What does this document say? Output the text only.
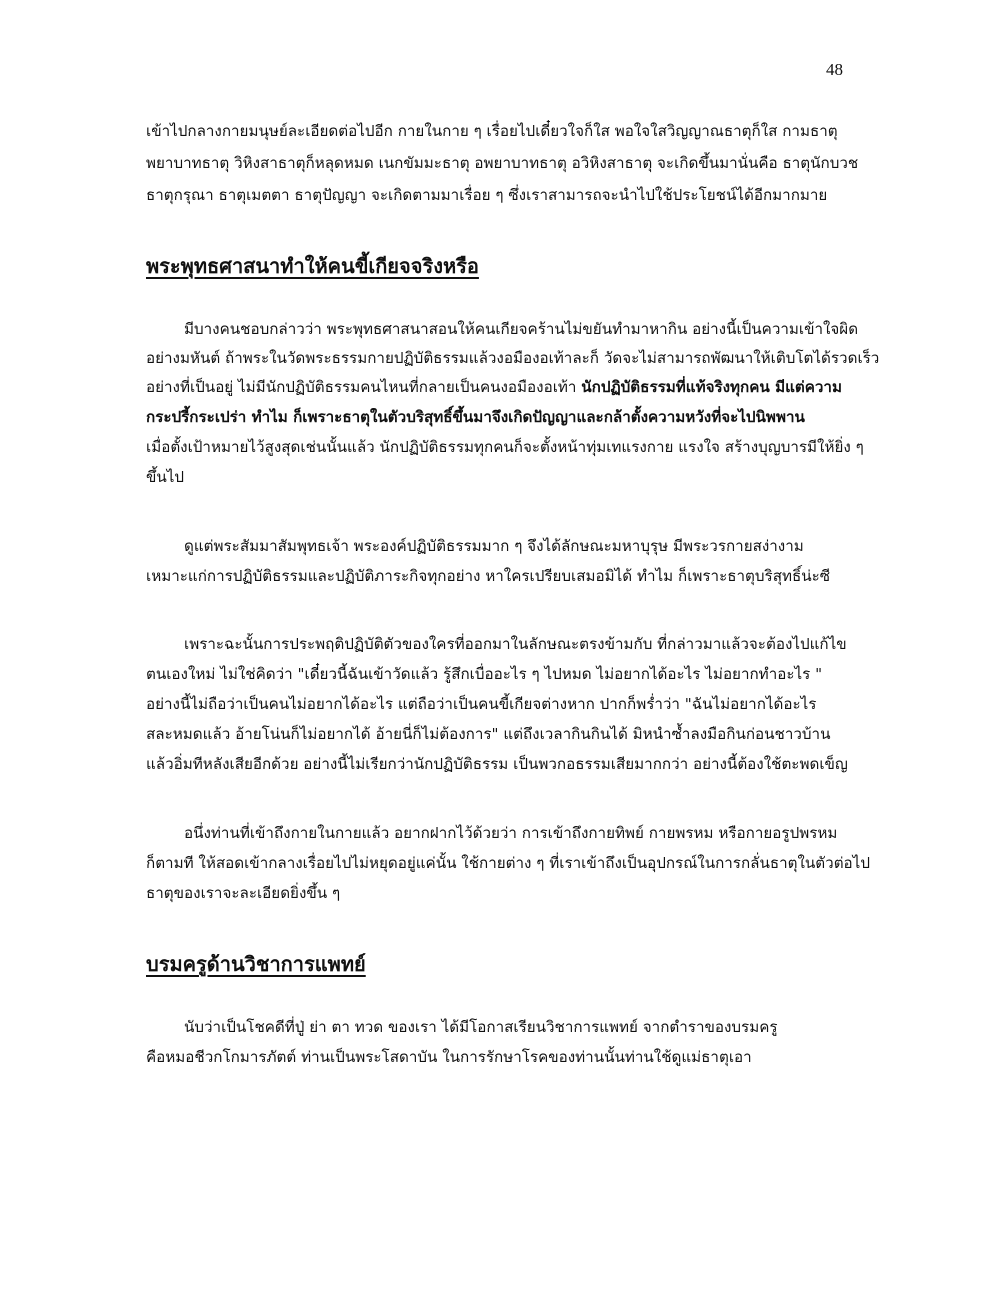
48
เข้าไปกลางกายมนุษย์ละเอียดต่อไปอีก กายในกาย ๆ เรื่อยไปเดี๋ยวใจก็ใส พอใจใสวิญญาณธาตุก็ใส กามธาตุ
พยาบาทธาตุ วิหิงสาธาตุก็หลุดหมด เนกขัมมะธาตุ อพยาบาทธาตุ อวิหิงสาธาตุ จะเกิดขึ้นมานั่นคือ ธาตุนักบวช
ธาตุกรุณา ธาตุเมตตา ธาตุปัญญา จะเกิดตามมาเรื่อย ๆ ซึ่งเราสามารถจะนำไปใช้ประโยชน์ได้อีกมากมาย
พระพุทธศาสนาทำให้คนขี้เกียจจริงหรือ
มีบางคนชอบกล่าวว่า พระพุทธศาสนาสอนให้คนเกียจคร้านไม่ขยันทำมาหากิน อย่างนี้เป็นความเข้าใจผิด
อย่างมหันต์ ถ้าพระในวัดพระธรรมกายปฏิบัติธรรมแล้วงอมืองอเท้าละก็ วัดจะไม่สามารถพัฒนาให้เติบโตได้รวดเร็ว
อย่างที่เป็นอยู่ ไม่มีนักปฏิบัติธรรมคนไหนที่กลายเป็นคนงอมืองอเท้า นักปฏิบัติธรรมที่แท้จริงทุกคน มีแต่ความ
กระปรี้กระเปร่า ทำไม ก็เพราะธาตุในตัวบริสุทธิ์ขึ้นมาจึงเกิดปัญญาและกล้าตั้งความหวังที่จะไปนิพพาน
เมื่อตั้งเป้าหมายไว้สูงสุดเช่นนั้นแล้ว นักปฏิบัติธรรมทุกคนก็จะตั้งหน้าทุ่มเทแรงกาย แรงใจ สร้างบุญบารมีให้ยิ่ง ๆ
ขึ้นไป
ดูแต่พระสัมมาสัมพุทธเจ้า พระองค์ปฏิบัติธรรมมาก ๆ จึงได้ลักษณะมหาบุรุษ มีพระวรกายสง่างาม
เหมาะแก่การปฏิบัติธรรมและปฏิบัติภาระกิจทุกอย่าง หาใครเปรียบเสมอมิได้ ทำไม ก็เพราะธาตุบริสุทธิ์น่ะซี
เพราะฉะนั้นการประพฤติปฏิบัติตัวของใครที่ออกมาในลักษณะตรงข้ามกับ ที่กล่าวมาแล้วจะต้องไปแก้ไข
ตนเองใหม่ ไม่ใช่คิดว่า "เดี๋ยวนี้ฉันเข้าวัดแล้ว รู้สึกเบื่ออะไร ๆ ไปหมด ไม่อยากได้อะไร ไม่อยากทำอะไร "
อย่างนี้ไม่ถือว่าเป็นคนไม่อยากได้อะไร แต่ถือว่าเป็นคนขี้เกียจต่างหาก ปากก็พร่ำว่า "ฉันไม่อยากได้อะไร
สละหมดแล้ว อ้ายโน่นก็ไม่อยากได้ อ้ายนี่ก็ไม่ต้องการ" แต่ถึงเวลากินกินได้ มิหนำซ้ำลงมือกินก่อนชาวบ้าน
แล้วอิ่มทีหลังเสียอีกด้วย อย่างนี้ไม่เรียกว่านักปฏิบัติธรรม เป็นพวกอธรรมเสียมากกว่า อย่างนี้ต้องใช้ตะพดเข็ญ
อนึ่งท่านที่เข้าถึงกายในกายแล้ว อยากฝากไว้ด้วยว่า การเข้าถึงกายทิพย์ กายพรหม หรือกายอรูปพรหม
ก็ตามที ให้สอดเข้ากลางเรื่อยไปไม่หยุดอยู่แค่นั้น ใช้กายต่าง ๆ ที่เราเข้าถึงเป็นอุปกรณ์ในการกลั่นธาตุในตัวต่อไป
ธาตุของเราจะละเอียดยิ่งขึ้น ๆ
บรมครูด้านวิชาการแพทย์
นับว่าเป็นโชคดีที่ปู่ ย่า ตา ทวด ของเรา ได้มีโอกาสเรียนวิชาการแพทย์ จากตำราของบรมครู
คือหมอชีวกโกมารภัตต์ ท่านเป็นพระโสดาบัน ในการรักษาโรคของท่านนั้นท่านใช้ดูแม่ธาตุเอา
